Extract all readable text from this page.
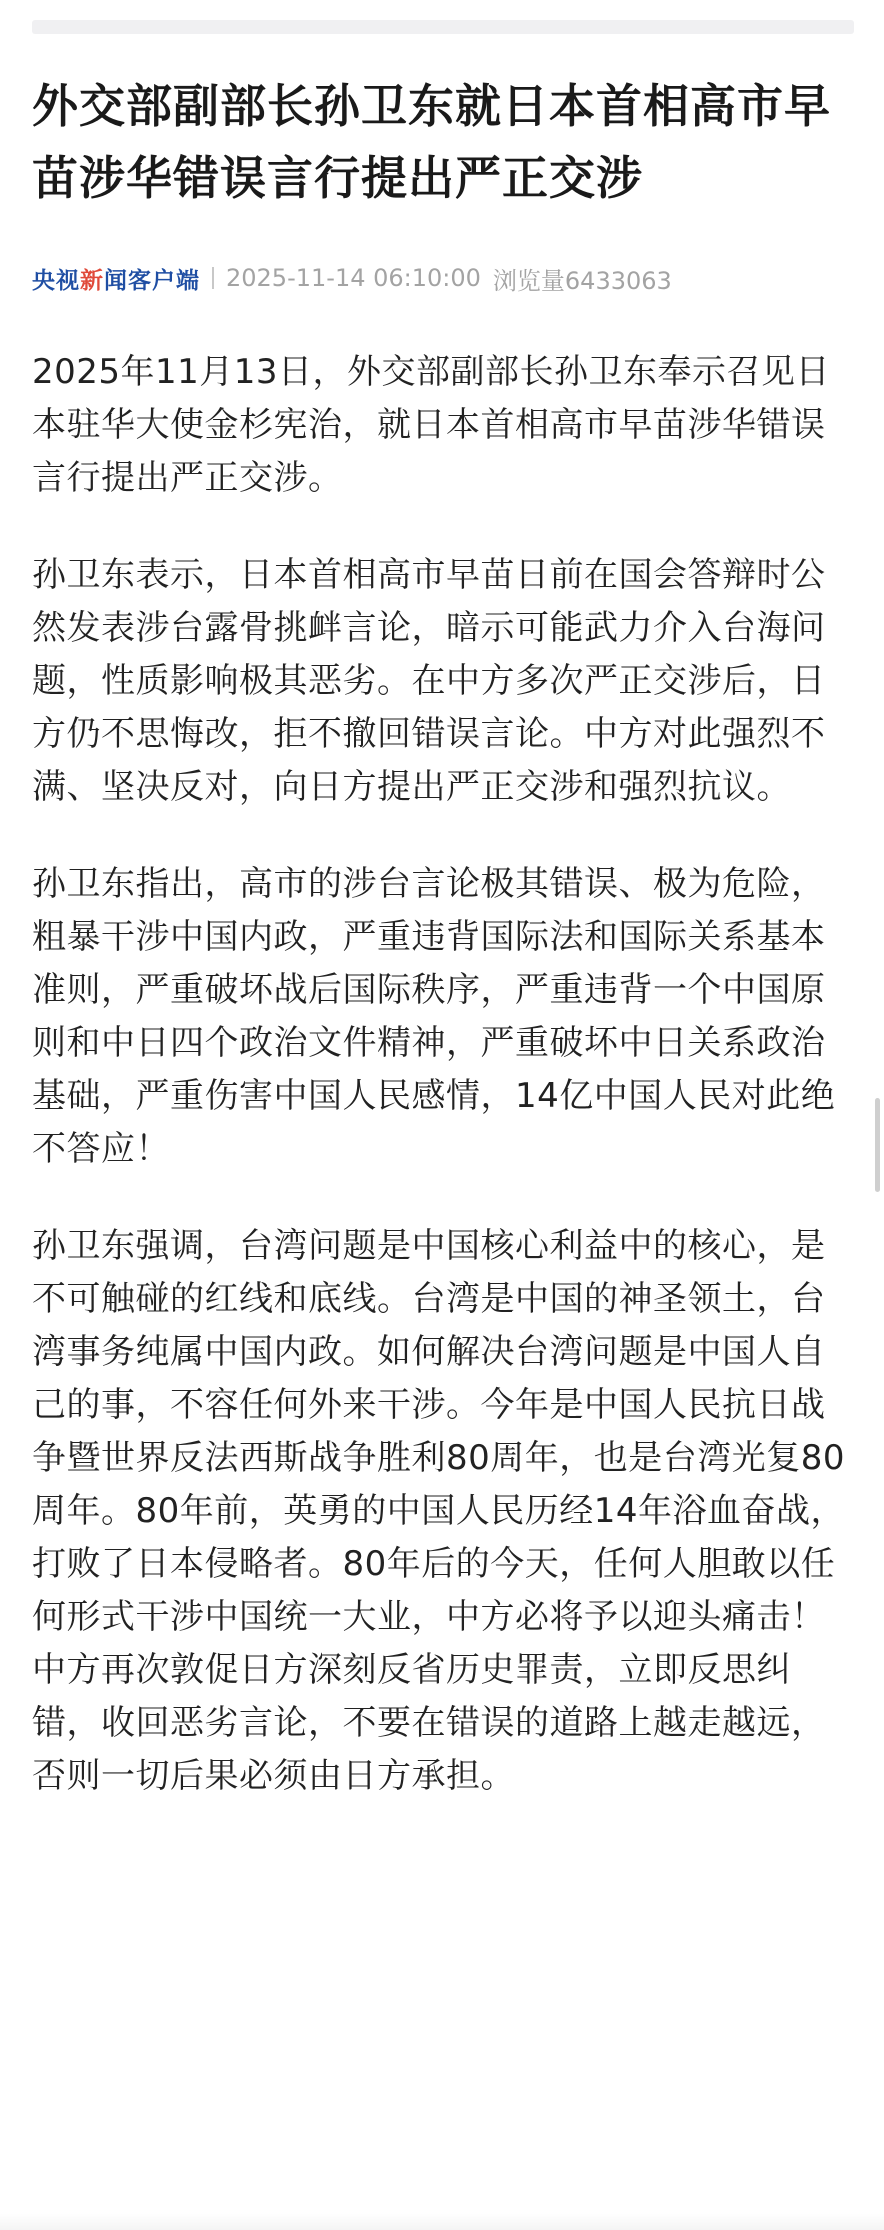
外交部副部长孙卫东就日本首相高市早苗涉华错误言行提出严正交涉
央视新闻客户端 2025-11-14 06:10:00 浏览量6433063

2025年11月13日，外交部副部长孙卫东奉示召见日本驻华大使金杉宪治，就日本首相高市早苗涉华错误言行提出严正交涉。

孙卫东表示，日本首相高市早苗日前在国会答辩时公然发表涉台露骨挑衅言论，暗示可能武力介入台海问题，性质影响极其恶劣。在中方多次严正交涉后，日方仍不思悔改，拒不撤回错误言论。中方对此强烈不满、坚决反对，向日方提出严正交涉和强烈抗议。

孙卫东指出，高市的涉台言论极其错误、极为危险，粗暴干涉中国内政，严重违背国际法和国际关系基本准则，严重破坏战后国际秩序，严重违背一个中国原则和中日四个政治文件精神，严重破坏中日关系政治基础，严重伤害中国人民感情，14亿中国人民对此绝不答应！

孙卫东强调，台湾问题是中国核心利益中的核心，是不可触碰的红线和底线。台湾是中国的神圣领土，台湾事务纯属中国内政。如何解决台湾问题是中国人自己的事，不容任何外来干涉。今年是中国人民抗日战争暨世界反法西斯战争胜利80周年，也是台湾光复80周年。80年前，英勇的中国人民历经14年浴血奋战，打败了日本侵略者。80年后的今天，任何人胆敢以任何形式干涉中国统一大业，中方必将予以迎头痛击！中方再次敦促日方深刻反省历史罪责，立即反思纠错，收回恶劣言论，不要在错误的道路上越走越远，否则一切后果必须由日方承担。
